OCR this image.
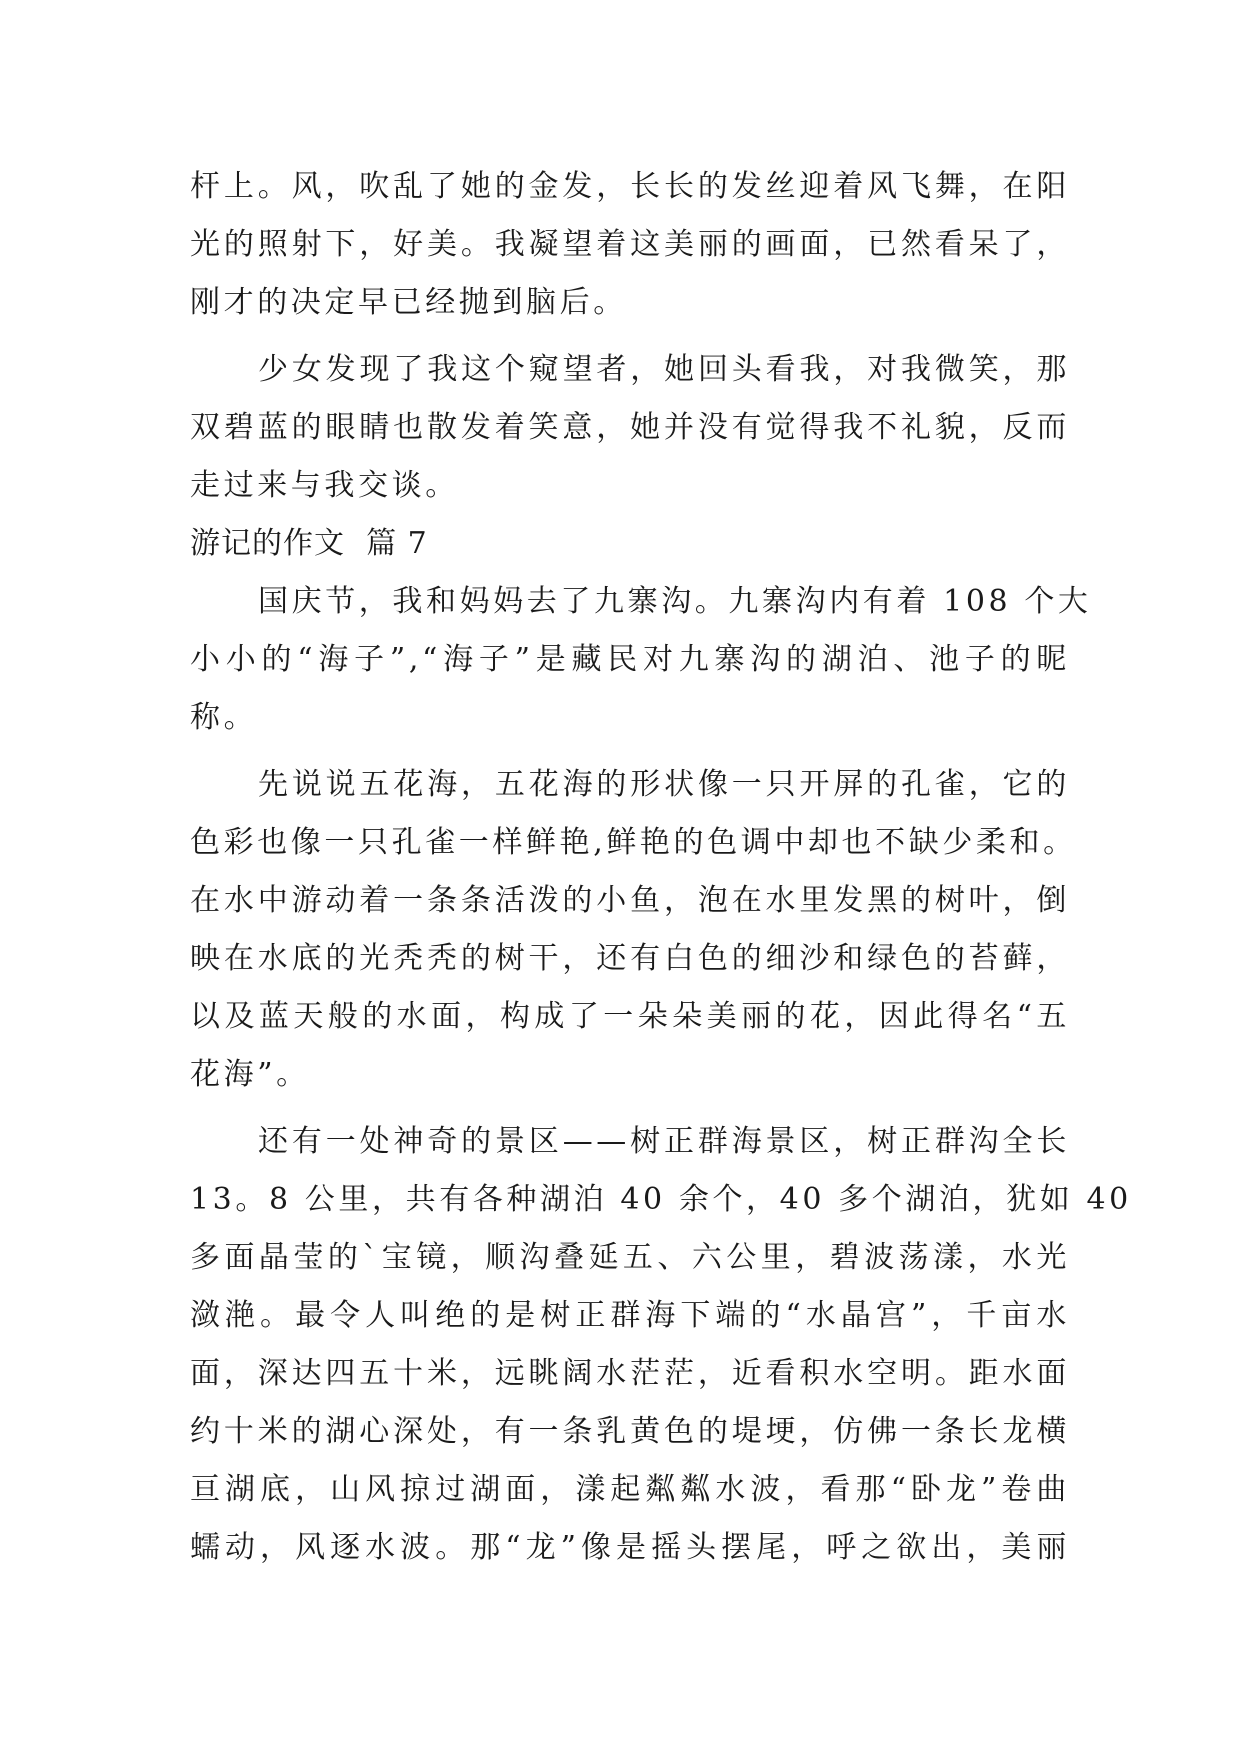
杆上。风，吹乱了她的金发，长长的发丝迎着风飞舞，在阳
光的照射下，好美。我凝望着这美丽的画面，已然看呆了，
刚才的决定早已经抛到脑后。
少女发现了我这个窥望者，她回头看我，对我微笑，那
双碧蓝的眼睛也散发着笑意，她并没有觉得我不礼貌，反而
走过来与我交谈。
游记的作文  篇 7
国庆节，我和妈妈去了九寨沟。九寨沟内有着 108 个大
小小的“海子”,“海子”是藏民对九寨沟的湖泊、池子的昵
称。
先说说五花海，五花海的形状像一只开屏的孔雀，它的
色彩也像一只孔雀一样鲜艳,鲜艳的色调中却也不缺少柔和。
在水中游动着一条条活泼的小鱼，泡在水里发黑的树叶，倒
映在水底的光秃秃的树干，还有白色的细沙和绿色的苔藓，
以及蓝天般的水面，构成了一朵朵美丽的花，因此得名“五
花海”。
还有一处神奇的景区——树正群海景区，树正群沟全长
13。8 公里，共有各种湖泊 40 余个，40 多个湖泊，犹如 40
多面晶莹的`宝镜，顺沟叠延五、六公里，碧波荡漾，水光
潋滟。最令人叫绝的是树正群海下端的“水晶宫”，千亩水
面，深达四五十米，远眺阔水茫茫，近看积水空明。距水面
约十米的湖心深处，有一条乳黄色的堤埂，仿佛一条长龙横
亘湖底，山风掠过湖面，漾起粼粼水波，看那“卧龙”卷曲
蠕动，风逐水波。那“龙”像是摇头摆尾，呼之欲出，美丽
